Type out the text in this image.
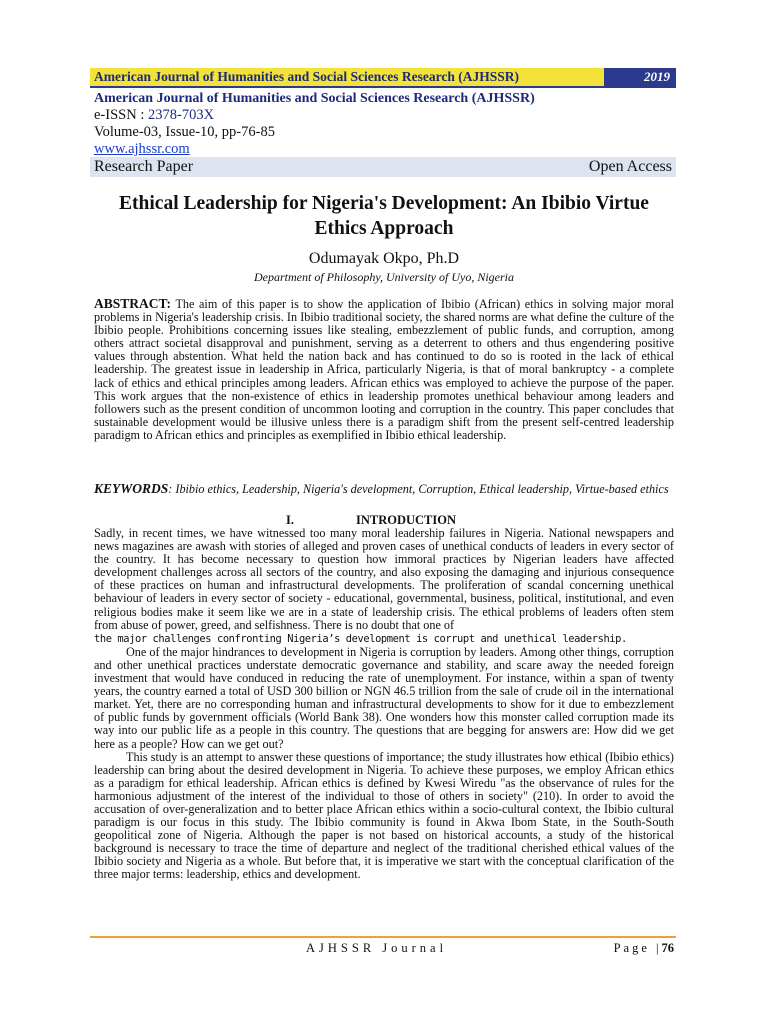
American Journal of Humanities and Social Sciences Research (AJHSSR)	2019
American Journal of Humanities and Social Sciences Research (AJHSSR)
e-ISSN : 2378-703X
Volume-03, Issue-10, pp-76-85
www.ajhssr.com
Research Paper	Open Access
Ethical Leadership for Nigeria's Development: An Ibibio Virtue Ethics Approach
Odumayak Okpo, Ph.D
Department of Philosophy, University of Uyo, Nigeria
ABSTRACT: The aim of this paper is to show the application of Ibibio (African) ethics in solving major moral problems in Nigeria's leadership crisis. In Ibibio traditional society, the shared norms are what define the culture of the Ibibio people. Prohibitions concerning issues like stealing, embezzlement of public funds, and corruption, among others attract societal disapproval and punishment, serving as a deterrent to others and thus engendering positive values through abstention. What held the nation back and has continued to do so is rooted in the lack of ethical leadership. The greatest issue in leadership in Africa, particularly Nigeria, is that of moral bankruptcy - a complete lack of ethics and ethical principles among leaders. African ethics was employed to achieve the purpose of the paper. This work argues that the non-existence of ethics in leadership promotes unethical behaviour among leaders and followers such as the present condition of uncommon looting and corruption in the country. This paper concludes that sustainable development would be illusive unless there is a paradigm shift from the present self-centred leadership paradigm to African ethics and principles as exemplified in Ibibio ethical leadership.
KEYWORDS: Ibibio ethics, Leadership, Nigeria's development, Corruption, Ethical leadership, Virtue-based ethics
I.	INTRODUCTION

Sadly, in recent times, we have witnessed too many moral leadership failures in Nigeria. National newspapers and news magazines are awash with stories of alleged and proven cases of unethical conducts of leaders in every sector of the country. It has become necessary to question how immoral practices by Nigerian leaders have affected development challenges across all sectors of the country, and also exposing the damaging and injurious consequence of these practices on human and infrastructural developments. The proliferation of scandal concerning unethical behaviour of leaders in every sector of society - educational, governmental, business, political, institutional, and even religious bodies make it seem like we are in a state of leadership crisis. The ethical problems of leaders often stem from abuse of power, greed, and selfishness. There is no doubt that one of
the major challenges confronting Nigeria’s development is corrupt and unethical leadership.

One of the major hindrances to development in Nigeria is corruption by leaders. Among other things, corruption and other unethical practices understate democratic governance and stability, and scare away the needed foreign investment that would have conduced in reducing the rate of unemployment. For instance, within a span of twenty years, the country earned a total of USD 300 billion or NGN 46.5 trillion from the sale of crude oil in the international market. Yet, there are no corresponding human and infrastructural developments to show for it due to embezzlement of public funds by government officials (World Bank 38). One wonders how this monster called corruption made its way into our public life as a people in this country. The questions that are begging for answers are: How did we get here as a people? How can we get out?

This study is an attempt to answer these questions of importance; the study illustrates how ethical (Ibibio ethics) leadership can bring about the desired development in Nigeria. To achieve these purposes, we employ African ethics as a paradigm for ethical leadership. African ethics is defined by Kwesi Wiredu "as the observance of rules for the harmonious adjustment of the interest of the individual to those of others in society" (210). In order to avoid the accusation of over-generalization and to better place African ethics within a socio-cultural context, the Ibibio cultural paradigm is our focus in this study. The Ibibio community is found in Akwa Ibom State, in the South-South geopolitical zone of Nigeria. Although the paper is not based on historical accounts, a study of the historical background is necessary to trace the time of departure and neglect of the traditional cherished ethical values of the Ibibio society and Nigeria as a whole. But before that, it is imperative we start with the conceptual clarification of the three major terms: leadership, ethics and development.

AJHSSR Journal	Page |76
